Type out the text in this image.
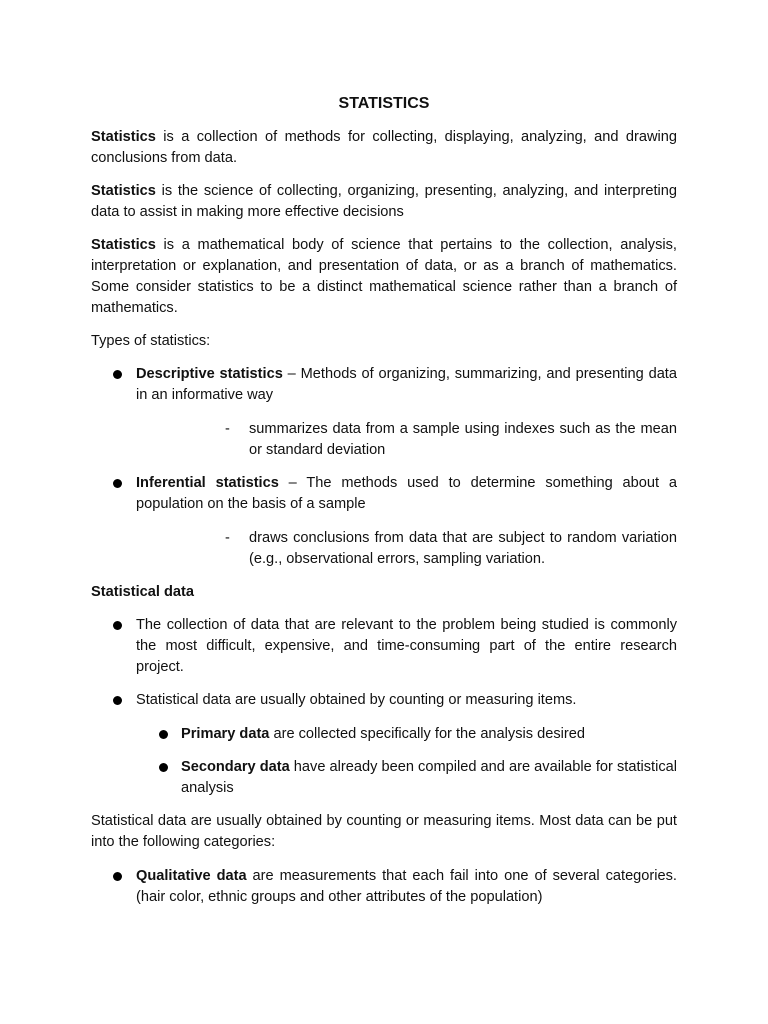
STATISTICS

Statistics is a collection of methods for collecting, displaying, analyzing, and drawing conclusions from data.

Statistics is the science of collecting, organizing, presenting, analyzing, and interpreting data to assist in making more effective decisions

Statistics is a mathematical body of science that pertains to the collection, analysis, interpretation or explanation, and presentation of data, or as a branch of mathematics. Some consider statistics to be a distinct mathematical science rather than a branch of mathematics.

Types of statistics:

Descriptive statistics – Methods of organizing, summarizing, and presenting data in an informative way
- summarizes data from a sample using indexes such as the mean or standard deviation
Inferential statistics – The methods used to determine something about a population on the basis of a sample
- draws conclusions from data that are subject to random variation (e.g., observational errors, sampling variation.

Statistical data

The collection of data that are relevant to the problem being studied is commonly the most difficult, expensive, and time-consuming part of the entire research project.
Statistical data are usually obtained by counting or measuring items.
Primary data are collected specifically for the analysis desired
Secondary data have already been compiled and are available for statistical analysis

Statistical data are usually obtained by counting or measuring items. Most data can be put into the following categories:

Qualitative data are measurements that each fail into one of several categories. (hair color, ethnic groups and other attributes of the population)
